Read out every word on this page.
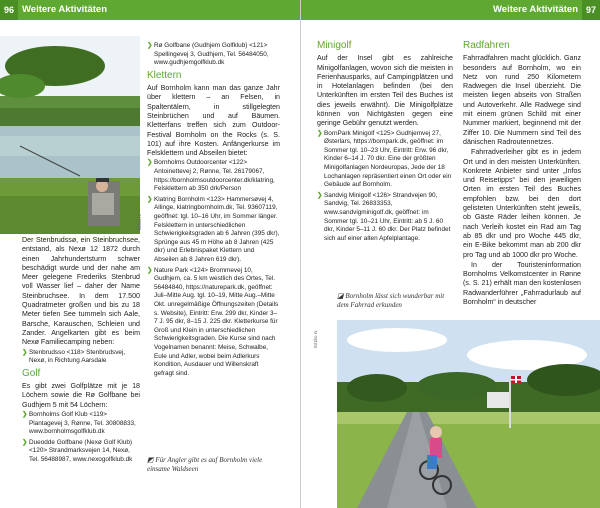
Weitere Aktivitäten
96
028la rv

Der Stenbrudssø, ein Steinbruchsee, entstand, als Nexø 12 1872 durch einen Jahrhundertsturm schwer beschädigt wurde und der nahe am Meer gelegene Frederiks Stenbrud voll Wasser lief – daher der Name Steinbruchsee. In dem 17.500 Quadratmeter großen und bis zu 18 Meter tiefen See tummeln sich Aale, Barsche, Karauschen, Schleien und Zander. Angelkarten gibt es beim Nexø Familiecamping neben:

❯ Stenbrudsso <118> Stenbrudsvej, Nexø, in Richtung Aarsdale
Golf

Es gibt zwei Golfplätze mit je 18 Löchern sowie die Rø Golfbane bei Gudhjem 5 mit 54 Löchern:

❯ Bornholms Golf Klub <119> Plantagevej 3, Rønne, Tel. 30808833, www.bornholmsgolfklub.dk
❯ Dueodde Golfbane (Nexø Golf Klub) <120> Strandmarksvejen 14, Nexø, Tel. 56488987, www.nexogolfklub.dk
❯ Rø Golfbane (Gudhjem Golfklub) <121> Spellingevej 3, Gudhjem, Tel. 56484050, www.gudhjemgolfklub.dk
Klettern

Auf Bornholm kann man das ganze Jahr über klettern – an Felsen, in Spaltentälern, in stillgelegten Steinbrüchen und auf Bäumen. Kletterfans treffen sich zum Outdoor-Festival Bornholm on the Rocks (s. S. 101) auf ihre Kosten. Anfängerkurse im Felsklettern und Abseilen bietet:

❯ Bornholms Outdoorcenter <122> Antoinettevej 2, Rønne, Tel. 26179067, https://bornholmsoutdoorcenter.dk/klatring, Felsklettern ab 350 drk/Person
❯ Klatring Bornholm <123> Hammersøvej 4, Allinge, klatringbornholm.dk, Tel. 93607119, geöffnet: tgl. 10–16 Uhr, im Sommer länger. Felsklettern in unterschiedlichen Schwierigkeitsgraden ab 6 Jahren (395 dkr), Sprünge aus 45 m Höhe ab 8 Jahren (425 dkr) und Erlebnispaket Klettern und Abseilen ab 8 Jahren 619 dkr).
❯ Nature Park <124> Brommevej 10, Gudhjem, ca. 5 km westlich des Ortes, Tel. 56484840, https://naturepark.dk, geöffnet: Juli–Mitte Aug. tgl. 10–19, Mitte Aug.–Mitte Okt. unregelmäßige Öffnungszeiten (Details s. Website), Eintritt: Erw. 299 dkr, Kinder 3–7 J. 95 dkr, 8–15 J. 225 dkr. Kletterkurse für Groß und Klein in unterschiedlichen Schwierigkeitsgraden. Die Kurse sind nach Vogelnamen benannt: Meise, Schwalbe, Eule und Adler, wobei beim Adlerkurs Kondition, Ausdauer und Willenskraft gefragt sind.
◩ Für Angler gibt es auf Bornholm viele einsame Waldseen
Weitere Aktivitäten 97
Minigolf

Auf der Insel gibt es zahlreiche Minigolfanlagen, wovon sich die meisten in Ferienhausparks, auf Campingplätzen und in Hotelanlagen befinden (bei den Unterkünften im ersten Teil des Buches ist dies jeweils erwähnt). Die Minigolfplätze können von Nichtgästen gegen eine geringe Gebühr genutzt werden.

❯ BornPark Minigolf <125> Gudhjemvej 27, Østerlars, https://bornpark.dk, geöffnet: im Sommer tgl. 10–23 Uhr, Eintritt: Erw. 96 dkr, Kinder 6–14 J. 70 dkr. Eine der größten Minigolfanlagen Nordeuropas, Jede der 18 Lochanlagen repräsentiert einen Ort oder ein Gebäude auf Bornholm.
❯ Sandvig Minigolf <126> Strandvejen 90, Sandvig, Tel. 26833353, www.sandvigminigolf.dk, geöffnet: im Sommer tgl. 10–21 Uhr, Eintritt: ab 5 J. 60 dkr, Kinder 5–11 J. 60 dkr. Der Platz befindet sich auf einer alten Apfelplantage.
◪ Bornholm lässt sich wunderbar mit dem Fahrrad erkunden
Radfahren

Fahrradfahren macht glücklich. Ganz besonders auf Bornholm, wo ein Netz von rund 250 Kilometern Radwegen die Insel überzieht. Die meisten liegen abseits von Straßen und Autoverkehr. Alle Radwege sind mit einem grünen Schild mit einer Nummer markiert, beginnend mit der Ziffer 10. Die Nummern sind Teil des dänischen Radroutennetzes.

Fahrradverleiher gibt es in jedem Ort und in den meisten Unterkünften. Konkrete Anbieter sind unter „Infos und Reisetipps“ bei den jeweiligen Orten im ersten Teil des Buches empfohlen bzw. bei den dort gelisteten Unterkünften steht jeweils, ob Gäste Räder leihen können. Je nach Verleih kostet ein Rad am Tag ab 85 dkr und pro Woche 445 dkr, ein E-Bike bekommt man ab 200 dkr pro Tag und ab 1000 dkr pro Woche.

In der Touristeninformation Bornholms Velkomstcenter in Rønne (s. S. 21) erhält man den kostenlosen Radwanderführer „Fahrradurlaub auf Bornholm“ in deutscher

031bo rv
